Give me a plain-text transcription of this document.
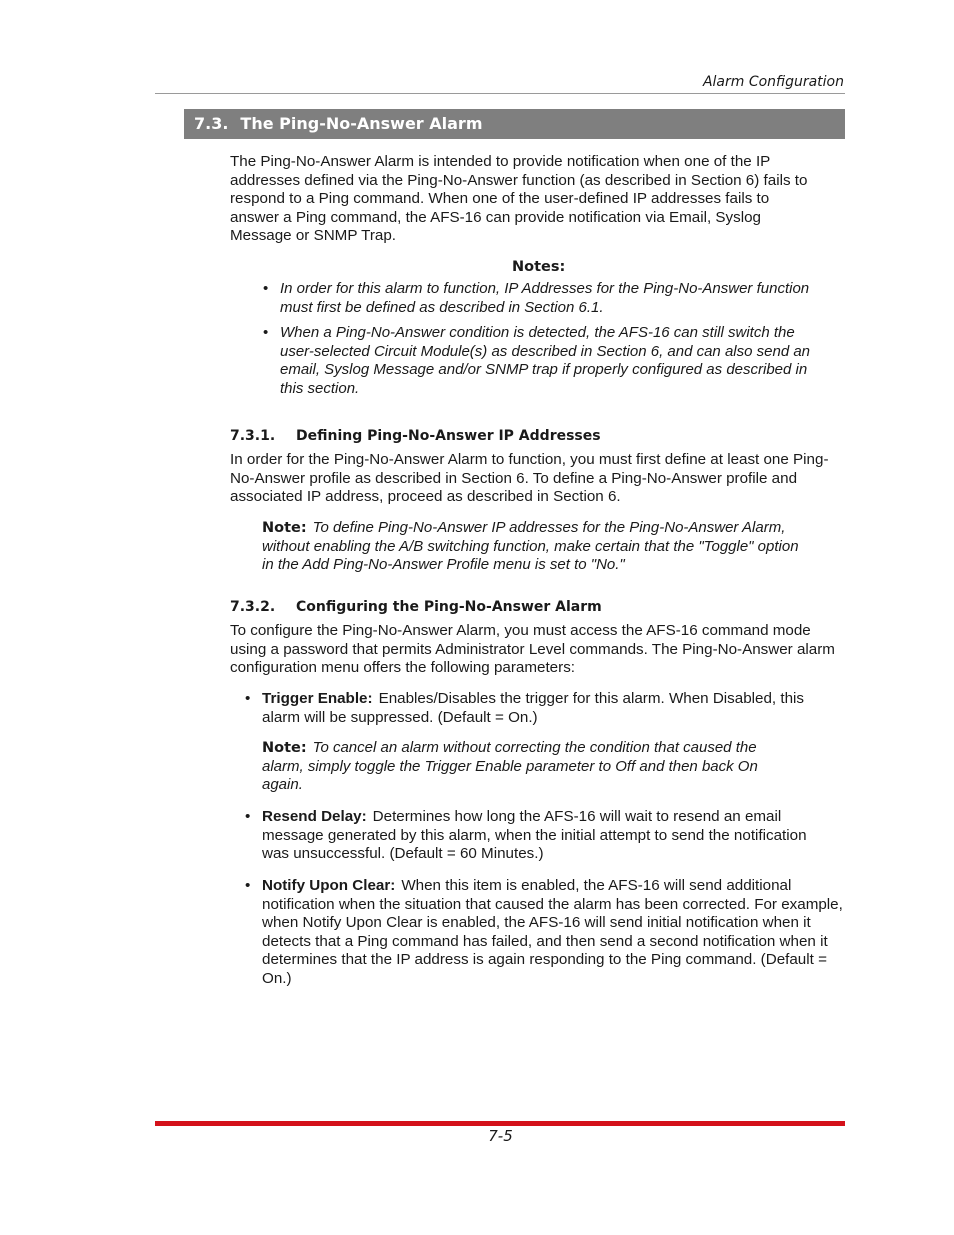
Alarm Configuration
7.3. The Ping-No-Answer Alarm
The Ping-No-Answer Alarm is intended to provide notification when one of the IP addresses defined via the Ping-No-Answer function (as described in Section 6) fails to respond to a Ping command. When one of the user-defined IP addresses fails to answer a Ping command, the AFS-16 can provide notification via Email, Syslog Message or SNMP Trap.
Notes:
• In order for this alarm to function, IP Addresses for the Ping-No-Answer function must first be defined as described in Section 6.1.
• When a Ping-No-Answer condition is detected, the AFS-16 can still switch the user-selected Circuit Module(s) as described in Section 6, and can also send an email, Syslog Message and/or SNMP trap if properly configured as described in this section.
7.3.1. Defining Ping-No-Answer IP Addresses
In order for the Ping-No-Answer Alarm to function, you must first define at least one Ping-No-Answer profile as described in Section 6. To define a Ping-No-Answer profile and associated IP address, proceed as described in Section 6.
Note: To define Ping-No-Answer IP addresses for the Ping-No-Answer Alarm, without enabling the A/B switching function, make certain that the "Toggle" option in the Add Ping-No-Answer Profile menu is set to "No."
7.3.2. Configuring the Ping-No-Answer Alarm
To configure the Ping-No-Answer Alarm, you must access the AFS-16 command mode using a password that permits Administrator Level commands. The Ping-No-Answer alarm configuration menu offers the following parameters:
• Trigger Enable: Enables/Disables the trigger for this alarm. When Disabled, this alarm will be suppressed. (Default = On.)
Note: To cancel an alarm without correcting the condition that caused the alarm, simply toggle the Trigger Enable parameter to Off and then back On again.
• Resend Delay: Determines how long the AFS-16 will wait to resend an email message generated by this alarm, when the initial attempt to send the notification was unsuccessful. (Default = 60 Minutes.)
• Notify Upon Clear: When this item is enabled, the AFS-16 will send additional notification when the situation that caused the alarm has been corrected. For example, when Notify Upon Clear is enabled, the AFS-16 will send initial notification when it detects that a Ping command has failed, and then send a second notification when it determines that the IP address is again responding to the Ping command. (Default = On.)
7-5
